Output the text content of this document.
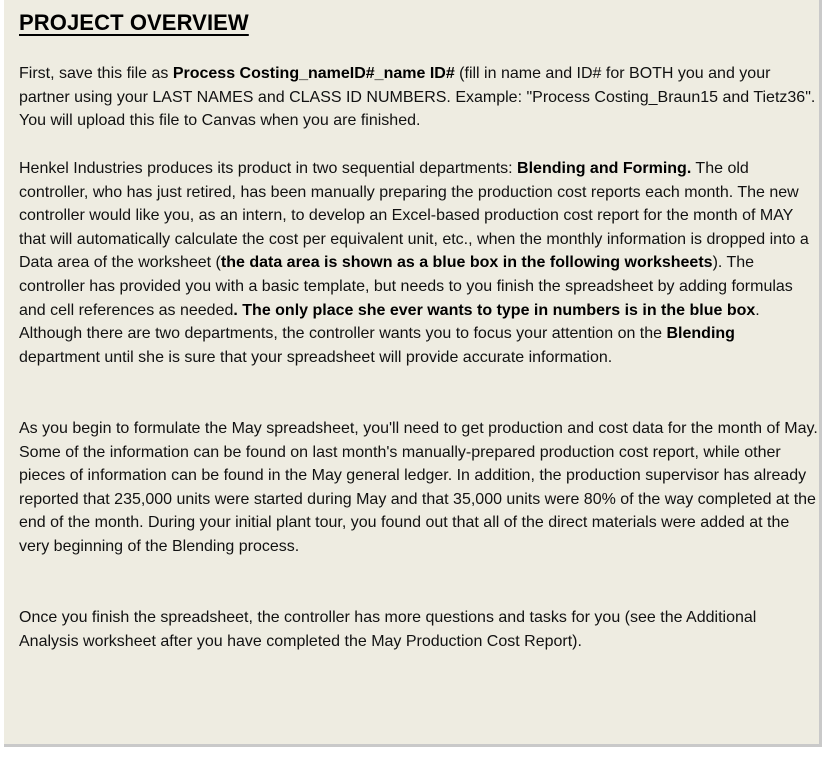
PROJECT OVERVIEW

First, save this file as Process Costing_nameID#_name ID# (fill in name and ID# for BOTH you and your partner using your LAST NAMES and CLASS ID NUMBERS. Example: "Process Costing_Braun15 and Tietz36". You will upload this file to Canvas when you are finished.

Henkel Industries produces its product in two sequential departments: Blending and Forming. The old controller, who has just retired, has been manually preparing the production cost reports each month. The new controller would like you, as an intern, to develop an Excel-based production cost report for the month of MAY that will automatically calculate the cost per equivalent unit, etc., when the monthly information is dropped into a Data area of the worksheet (the data area is shown as a blue box in the following worksheets). The controller has provided you with a basic template, but needs to you finish the spreadsheet by adding formulas and cell references as needed. The only place she ever wants to type in numbers is in the blue box. Although there are two departments, the controller wants you to focus your attention on the Blending department until she is sure that your spreadsheet will provide accurate information.

As you begin to formulate the May spreadsheet, you'll need to get production and cost data for the month of May. Some of the information can be found on last month's manually-prepared production cost report, while other pieces of information can be found in the May general ledger. In addition, the production supervisor has already reported that 235,000 units were started during May and that 35,000 units were 80% of the way completed at the end of the month. During your initial plant tour, you found out that all of the direct materials were added at the very beginning of the Blending process.

Once you finish the spreadsheet, the controller has more questions and tasks for you (see the Additional Analysis worksheet after you have completed the May Production Cost Report).
